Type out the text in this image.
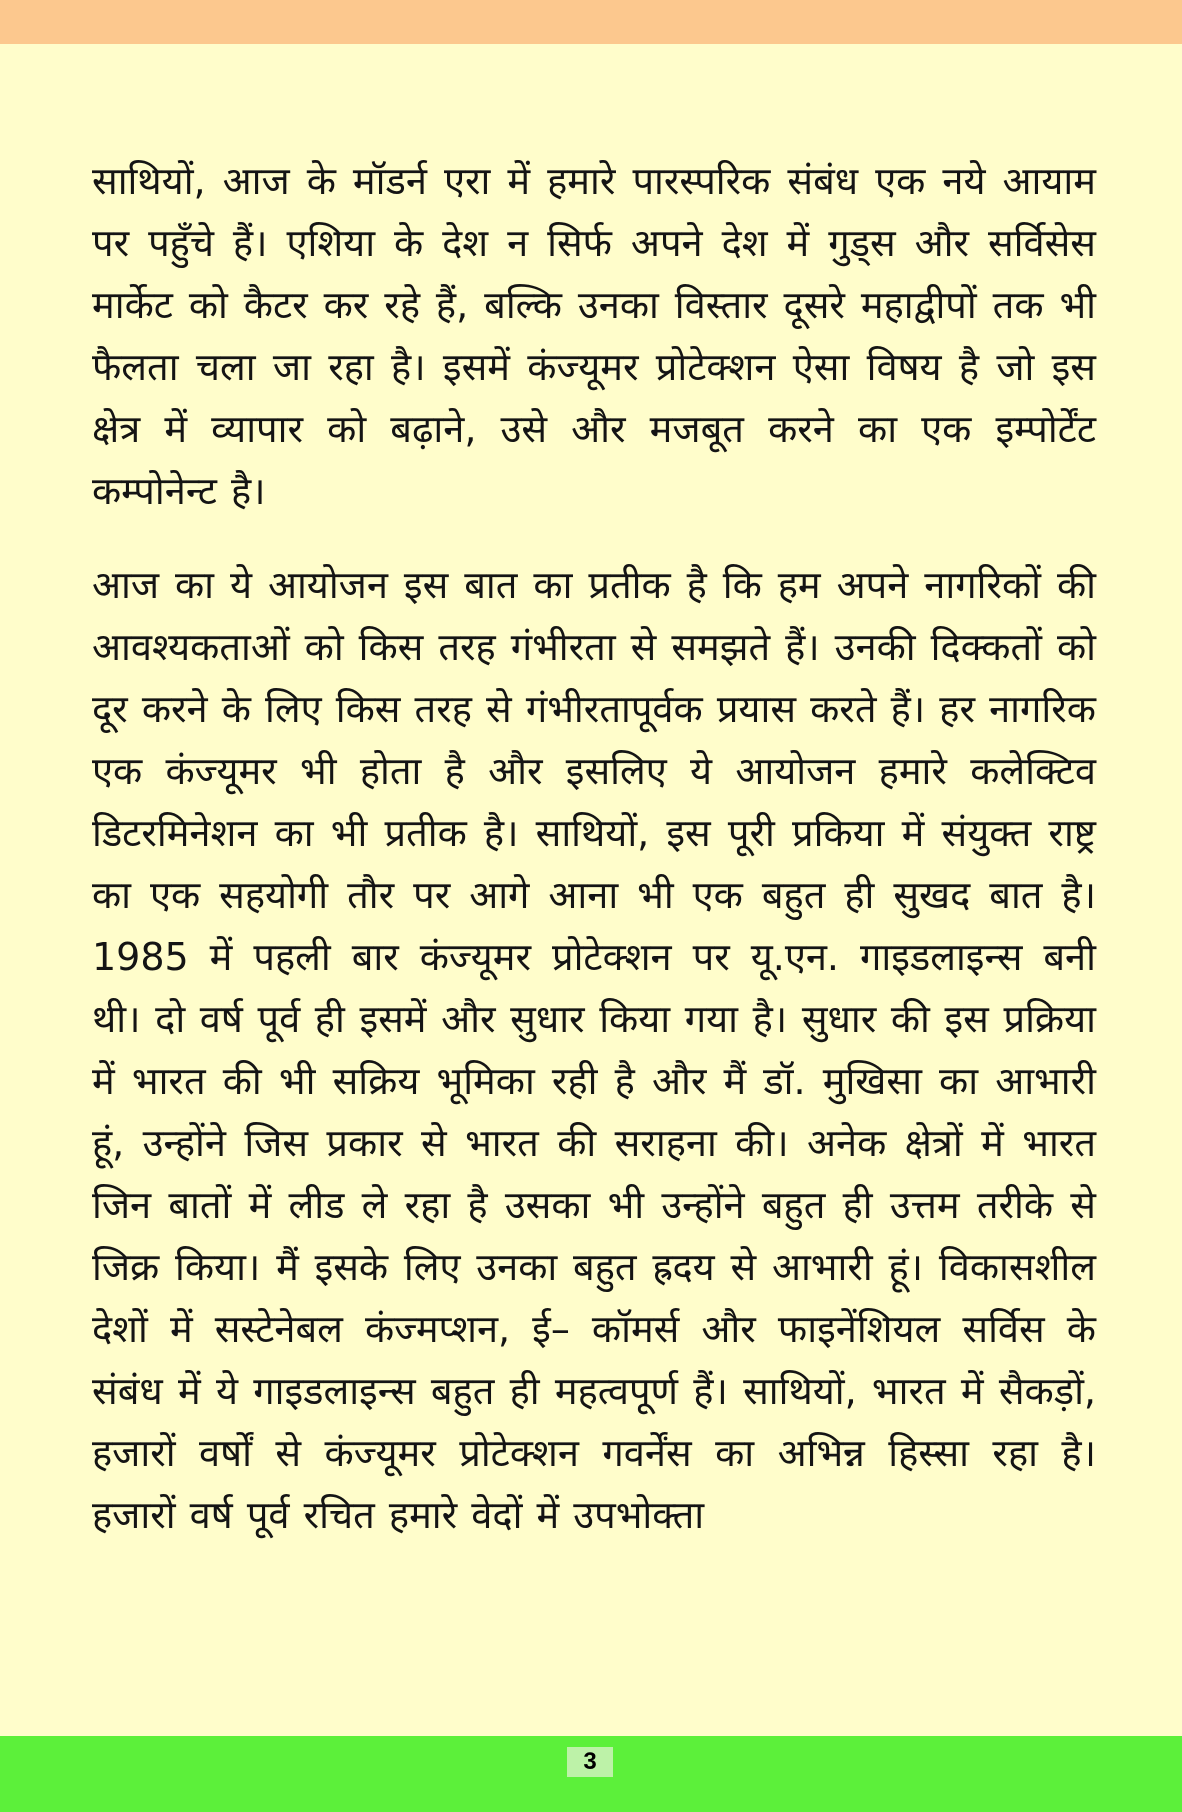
साथियों, आज के मॉडर्न एरा में हमारे पारस्परिक संबंध एक नये आयाम पर पहुँचे हैं। एशिया के देश न सिर्फ अपने देश में गुड्स और सर्विसेस मार्केट को कैटर कर रहे हैं, बल्कि उनका विस्तार दूसरे महाद्वीपों तक भी फैलता चला जा रहा है। इसमें कंज्यूमर प्रोटेक्शन ऐसा विषय है जो इस क्षेत्र में व्यापार को बढ़ाने, उसे और मजबूत करने का एक इम्पोर्टेंट कम्पोनेन्ट है।

आज का ये आयोजन इस बात का प्रतीक है कि हम अपने नागरिकों की आवश्यकताओं को किस तरह गंभीरता से समझते हैं। उनकी दिक्कतों को दूर करने के लिए किस तरह से गंभीरतापूर्वक प्रयास करते हैं। हर नागरिक एक कंज्यूमर भी होता है और इसलिए ये आयोजन हमारे कलेक्टिव डिटरमिनेशन का भी प्रतीक है। साथियों, इस पूरी प्रकिया में संयुक्त राष्ट्र का एक सहयोगी तौर पर आगे आना भी एक बहुत ही सुखद बात है। 1985 में पहली बार कंज्यूमर प्रोटेक्शन पर यू.एन. गाइडलाइन्स बनी थी। दो वर्ष पूर्व ही इसमें और सुधार किया गया है। सुधार की इस प्रक्रिया में भारत की भी सक्रिय भूमिका रही है और मैं डॉ. मुखिसा का आभारी हूं, उन्होंने जिस प्रकार से भारत की सराहना की। अनेक क्षेत्रों में भारत जिन बातों में लीड ले रहा है उसका भी उन्होंने बहुत ही उत्तम तरीके से जिक्र किया। मैं इसके लिए उनका बहुत ह्रदय से आभारी हूं। विकासशील देशों में सस्टेनेबल कंज्मप्शन, ई– कॉमर्स और फाइनेंशियल सर्विस के संबंध में ये गाइडलाइन्स बहुत ही महत्वपूर्ण हैं। साथियों, भारत में सैकड़ों, हजारों वर्षों से कंज्यूमर प्रोटेक्शन गवर्नेंस का अभिन्न हिस्सा रहा है। हजारों वर्ष पूर्व रचित हमारे वेदों में उपभोक्ता

3
